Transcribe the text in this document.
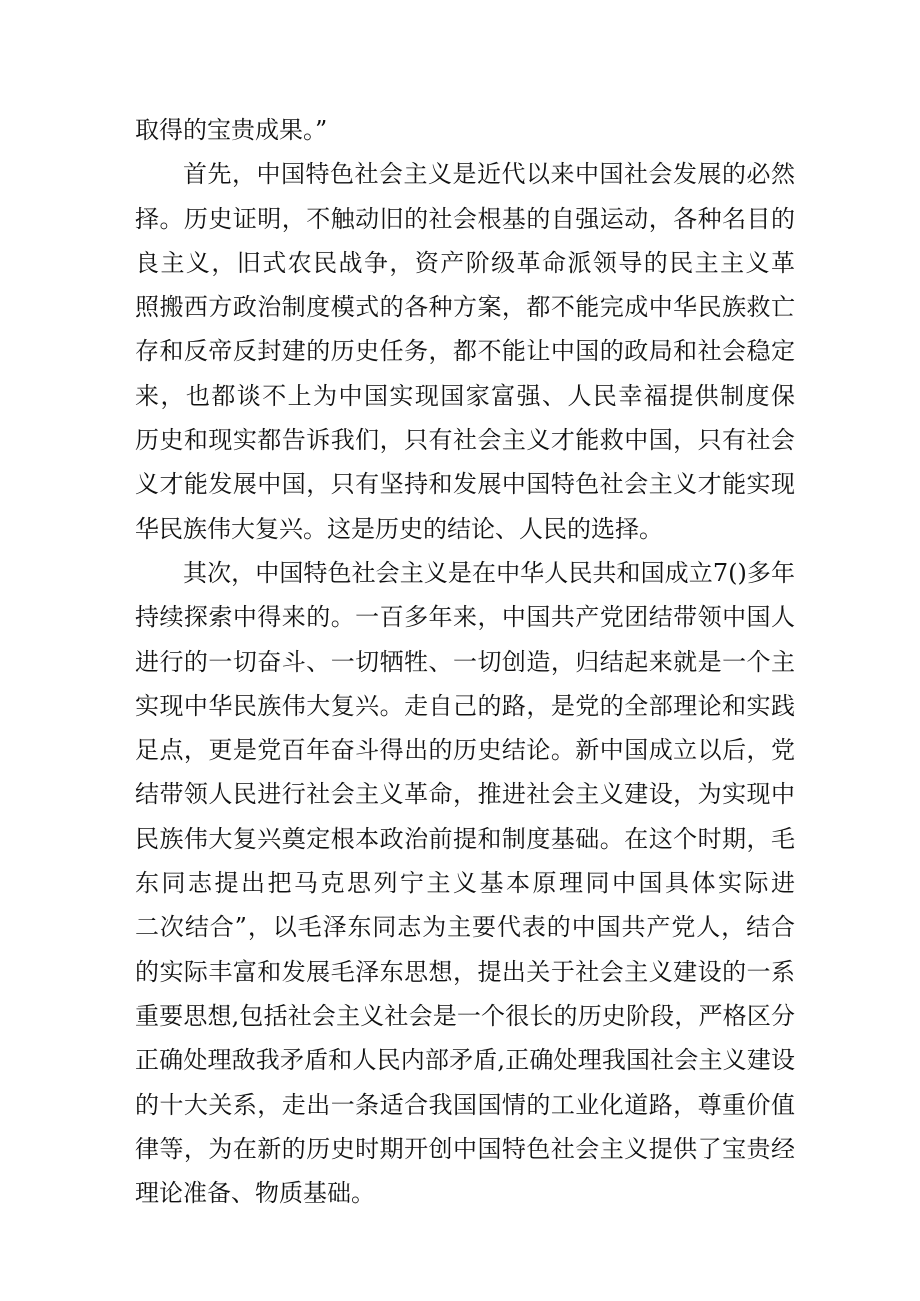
取得的宝贵成果。”
首先，中国特色社会主义是近代以来中国社会发展的必然
择。历史证明，不触动旧的社会根基的自强运动，各种名目的
良主义，旧式农民战争，资产阶级革命派领导的民主主义革
照搬西方政治制度模式的各种方案，都不能完成中华民族救亡
存和反帝反封建的历史任务，都不能让中国的政局和社会稳定
来，也都谈不上为中国实现国家富强、人民幸福提供制度保
历史和现实都告诉我们，只有社会主义才能救中国，只有社会
义才能发展中国，只有坚持和发展中国特色社会主义才能实现
华民族伟大复兴。这是历史的结论、人民的选择。
其次，中国特色社会主义是在中华人民共和国成立7()多年
持续探索中得来的。一百多年来，中国共产党团结带领中国人
进行的一切奋斗、一切牺牲、一切创造，归结起来就是一个主
实现中华民族伟大复兴。走自己的路，是党的全部理论和实践
足点，更是党百年奋斗得出的历史结论。新中国成立以后，党
结带领人民进行社会主义革命，推进社会主义建设，为实现中
民族伟大复兴奠定根本政治前提和制度基础。在这个时期，毛
东同志提出把马克思列宁主义基本原理同中国具体实际进
二次结合”，以毛泽东同志为主要代表的中国共产党人，结合
的实际丰富和发展毛泽东思想，提出关于社会主义建设的一系
重要思想,包括社会主义社会是一个很长的历史阶段，严格区分
正确处理敌我矛盾和人民内部矛盾,正确处理我国社会主义建设
的十大关系，走出一条适合我国国情的工业化道路，尊重价值
律等，为在新的历史时期开创中国特色社会主义提供了宝贵经
理论准备、物质基础。
